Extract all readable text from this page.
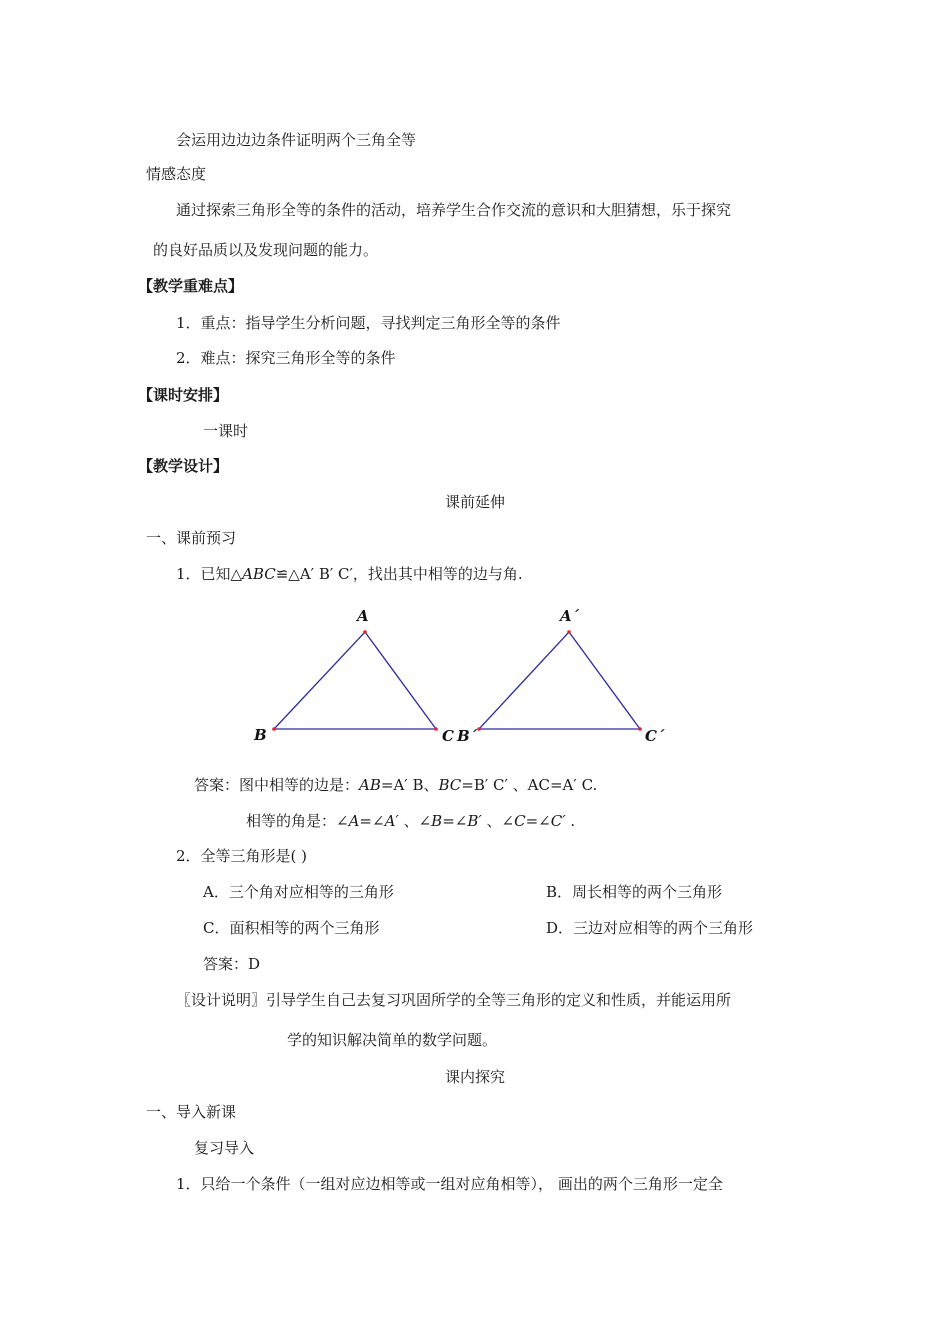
会运用边边边条件证明两个三角全等
情感态度
通过探索三角形全等的条件的活动，培养学生合作交流的意识和大胆猜想，乐于探究
的良好品质以及发现问题的能力。
【教学重难点】
1．重点：指导学生分析问题，寻找判定三角形全等的条件
2．难点：探究三角形全等的条件
【课时安排】
一课时
【教学设计】
课前延伸
一、课前预习
1．已知△ABC≌△A′ B′ C′，找出其中相等的边与角.
A
B	C
A´
B´	C´
答案：图中相等的边是：AB=A′ B、BC=B′ C′ 、AC=A′ C.
相等的角是：∠A=∠A′ 、∠B=∠B′ 、∠C=∠C′ .
2．全等三角形是( )
A．三个角对应相等的三角形	B．周长相等的两个三角形
C．面积相等的两个三角形	D．三边对应相等的两个三角形
答案：D
〖设计说明〗引导学生自己去复习巩固所学的全等三角形的定义和性质，并能运用所
学的知识解决简单的数学问题。
课内探究
一、导入新课
复习导入
1．只给一个条件（一组对应边相等或一组对应角相等）， 画出的两个三角形一定全
